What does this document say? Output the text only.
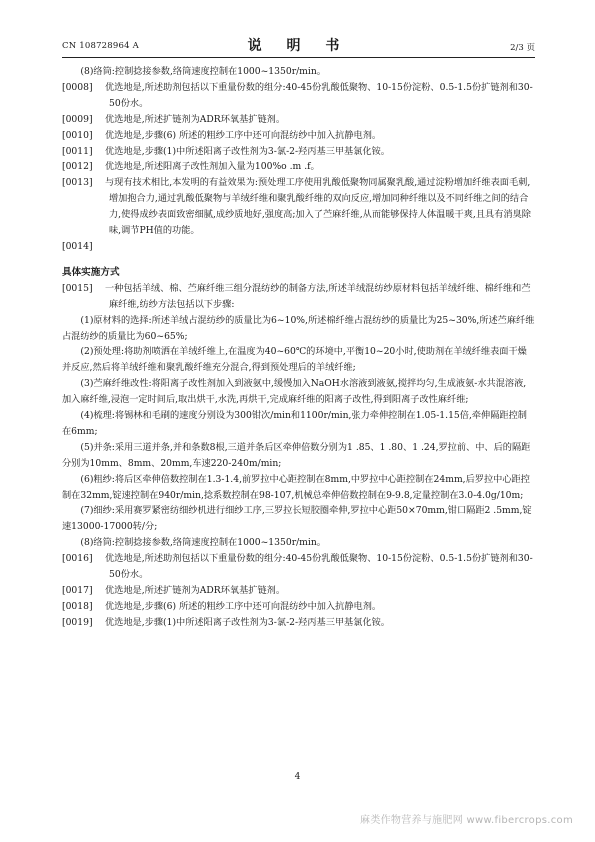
CN 108728964 A	说 明 书	2/3 页
(8)络筒:控制捻接参数,络筒速度控制在1000~1350r/min。
[0008] 优选地是,所述助剂包括以下重量份数的组分:40-45份乳酸低聚物、10-15份淀粉、0.5-1.5份扩链剂和30-50份水。
[0009] 优选地是,所述扩链剂为ADR环氧基扩链剂。
[0010] 优选地是,步骤(6) 所述的粗纱工序中还可向混纺纱中加入抗静电剂。
[0011] 优选地是,步骤(1)中所述阳离子改性剂为3-氯-2-羟丙基三甲基氯化铵。
[0012] 优选地是,所述阳离子改性剂加入量为100%o .m .f。
[0013] 与现有技术相比,本发明的有益效果为:预处理工序使用乳酸低聚物同属聚乳酸,通过淀粉增加纤维表面毛刺,增加抱合力,通过乳酸低聚物与羊绒纤维和聚乳酸纤维的双向反应,增加同种纤维以及不同纤维之间的结合力,使得成纱表面致密细腻,成纱质地好,强度高;加入了苎麻纤维,从而能够保持人体温暖干爽,且具有消臭除味,调节PH值的功能。
[0014]
具体实施方式
[0015] 一种包括羊绒、棉、苎麻纤维三组分混纺纱的制备方法,所述羊绒混纺纱原材料包括羊绒纤维、棉纤维和苎麻纤维,纺纱方法包括以下步骤:
(1)原材料的选择:所述羊绒占混纺纱的质量比为6~10%,所述棉纤维占混纺纱的质量比为25~30%,所述苎麻纤维占混纺纱的质量比为60~65%;
(2)预处理:将助剂喷洒在羊绒纤维上,在温度为40~60℃的环境中,平衡10~20小时,使助剂在羊绒纤维表面干燥并反应,然后将羊绒纤维和聚乳酸纤维充分混合,得到预处理后的羊绒纤维;
(3)苎麻纤维改性:将阳离子改性剂加入到液氨中,缓慢加入NaOH水溶液到液氨,搅拌均匀,生成液氨-水共混溶液,加入麻纤维,浸泡一定时间后,取出烘干,水洗,再烘干,完成麻纤维的阳离子改性,得到阳离子改性麻纤维;
(4)梳理:将锡林和毛刷的速度分别设为300钳次/min和1100r/min,张力牵伸控制在1.05-1.15倍,牵伸隔距控制在6mm;
(5)并条:采用三道并条,并和条数8根,三道并条后区牵伸倍数分别为1 .85、1 .80、1 .24,罗拉前、中、后的隔距分别为10mm、8mm、20mm,车速220-240m/min;
(6)粗纱:将后区牵伸倍数控制在1.3-1.4,前罗拉中心距控制在8mm,中罗拉中心距控制在24mm,后罗拉中心距控制在32mm,锭速控制在940r/min,捻系数控制在98-107,机械总牵伸倍数控制在9-9.8,定量控制在3.0-4.0g/10m;
(7)细纱:采用赛罗紧密纺细纱机进行细纱工序,三罗拉长短胶圈牵伸,罗拉中心距50×70mm,钳口隔距2 .5mm,锭速13000-17000转/分;
(8)络筒:控制捻接参数,络筒速度控制在1000~1350r/min。
[0016] 优选地是,所述助剂包括以下重量份数的组分:40-45份乳酸低聚物、10-15份淀粉、0.5-1.5份扩链剂和30-50份水。
[0017] 优选地是,所述扩链剂为ADR环氧基扩链剂。
[0018] 优选地是,步骤(6) 所述的粗纱工序中还可向混纺纱中加入抗静电剂。
[0019] 优选地是,步骤(1)中所述阳离子改性剂为3-氯-2-羟丙基三甲基氯化铵。
4
麻类作物营养与施肥网 www.fibercrops.com
